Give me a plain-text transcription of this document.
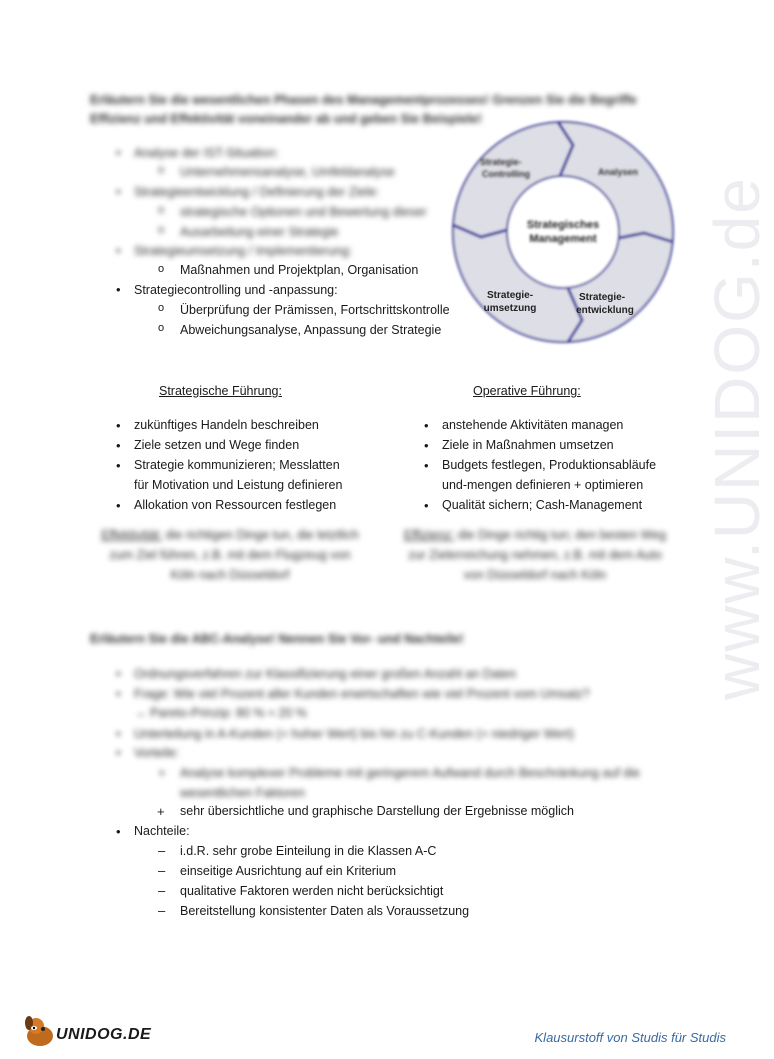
www.UNIDOG.de
Erläutern Sie die wesentlichen Phasen des Managementprozesses! Grenzen Sie die Begriffe Effizienz und Effektivität voneinander ab und geben Sie Beispiele!
• Analyse der IST-Situation:
o Unternehmensanalyse, Umfeldanalyse
• Strategieentwicklung / Definierung der Ziele:
o strategische Optionen und Bewertung dieser
o Ausarbeitung einer Strategie
• Strategieumsetzung / Implementierung:
o Maßnahmen und Projektplan, Organisation
• Strategiecontrolling und -anpassung:
o Überprüfung der Prämissen, Fortschrittskontrolle
o Abweichungsanalyse, Anpassung der Strategie
Strategie-
Controlling	Analysen
Strategisches
Management
Strategie-
umsetzung
Strategie-
entwicklung
Strategische Führung:	Operative Führung:
• zukünftiges Handeln beschreiben
• Ziele setzen und Wege finden
• Strategie kommunizieren; Messlatten
für Motivation und Leistung definieren
• Allokation von Ressourcen festlegen
• anstehende Aktivitäten managen
• Ziele in Maßnahmen umsetzen
• Budgets festlegen, Produktionsabläufe
und-mengen definieren + optimieren
• Qualität sichern; Cash-Management
Effektivität: die richtigen Dinge tun, die letztlich zum Ziel führen, z.B. mit dem Flugzeug von Köln nach Düsseldorf
Effizienz: die Dinge richtig tun; den besten Weg zur Zielerreichung nehmen, z.B. mit dem Auto von Düsseldorf nach Köln
Erläutern Sie die ABC-Analyse! Nennen Sie Vor- und Nachteile!
• Ordnungsverfahren zur Klassifizierung einer großen Anzahl an Daten
• Frage: Wie viel Prozent aller Kunden erwirtschaften wie viel Prozent vom Umsatz?
→ Pareto-Prinzip: 80 % ≈ 20 %
• Unterteilung in A-Kunden (= hoher Wert) bis hin zu C-Kunden (= niedriger Wert)
• Vorteile:
+ Analyse komplexer Probleme mit geringerem Aufwand durch Beschränkung auf die wesentlichen Faktoren
+ sehr übersichtliche und graphische Darstellung der Ergebnisse möglich
• Nachteile:
– i.d.R. sehr grobe Einteilung in die Klassen A-C
– einseitige Ausrichtung auf ein Kriterium
– qualitative Faktoren werden nicht berücksichtigt
– Bereitstellung konsistenter Daten als Voraussetzung
UNIDOG.DE	Klausurstoff von Studis für Studis
